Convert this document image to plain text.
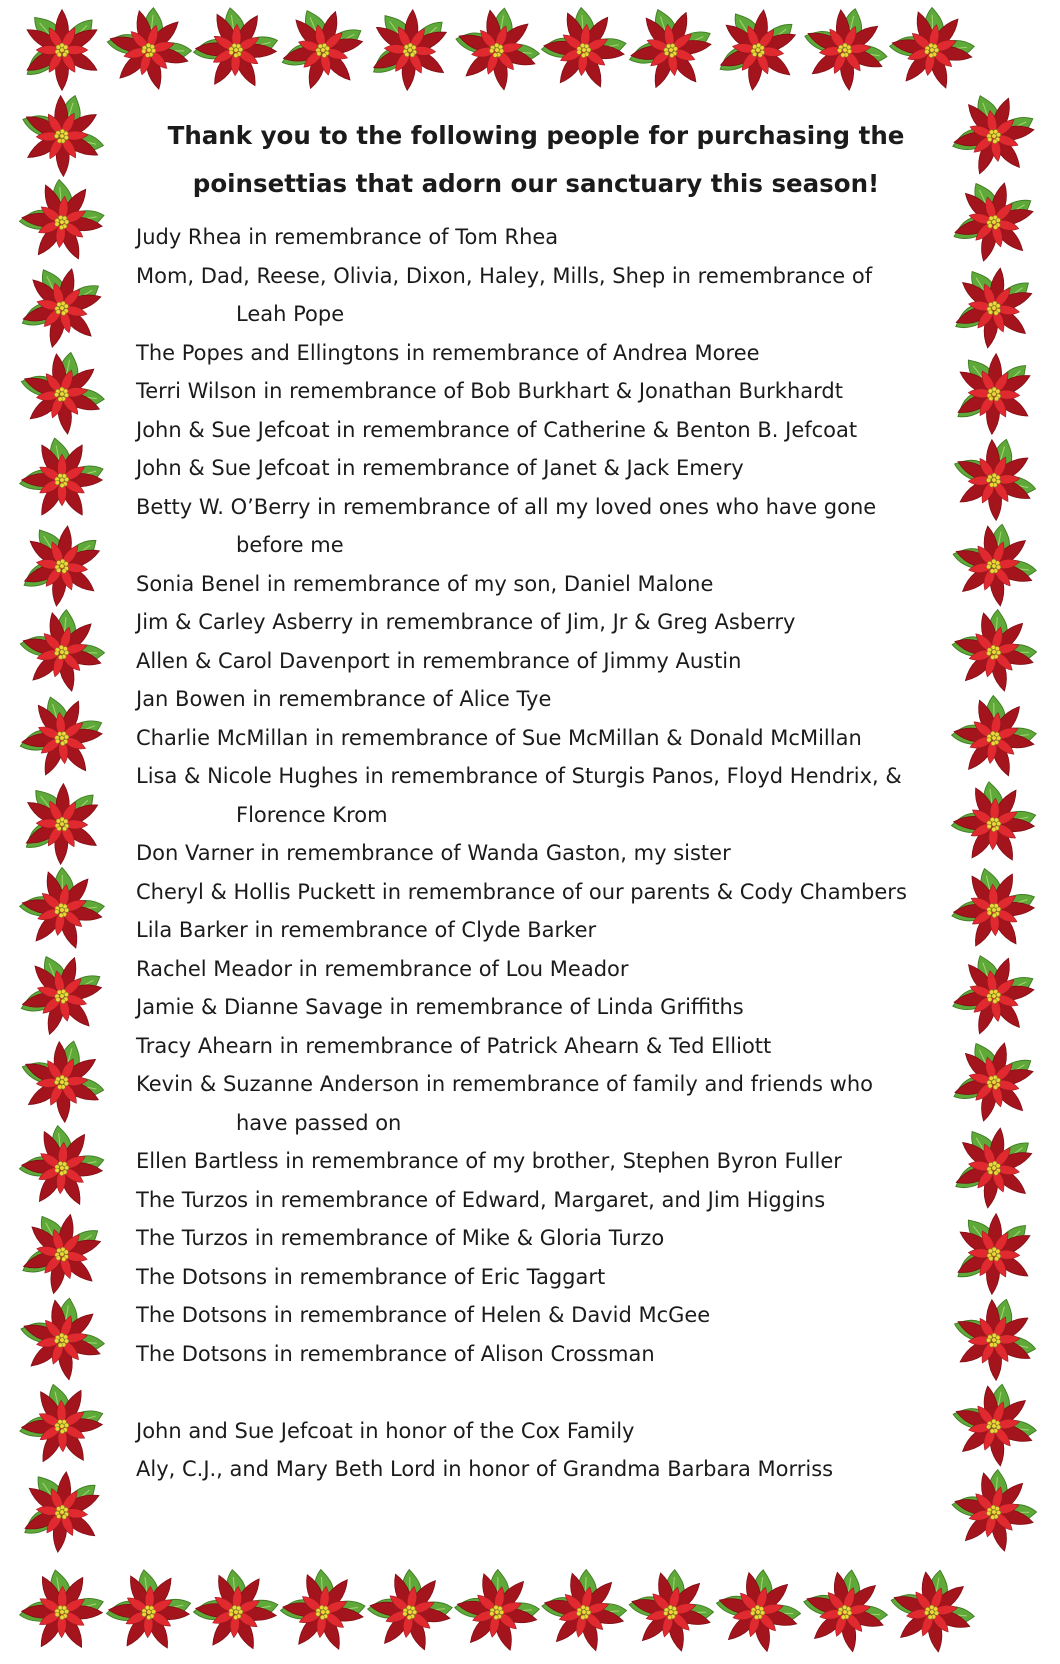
Thank you to the following people for purchasing the
poinsettias that adorn our sanctuary this season!
Judy Rhea in remembrance of Tom Rhea
Mom, Dad, Reese, Olivia, Dixon, Haley, Mills, Shep in remembrance of
Leah Pope
The Popes and Ellingtons in remembrance of Andrea Moree
Terri Wilson in remembrance of Bob Burkhart & Jonathan Burkhardt
John & Sue Jefcoat in remembrance of Catherine & Benton B. Jefcoat
John & Sue Jefcoat in remembrance of Janet & Jack Emery
Betty W. O’Berry in remembrance of all my loved ones who have gone
before me
Sonia Benel in remembrance of my son, Daniel Malone
Jim & Carley Asberry in remembrance of Jim, Jr & Greg Asberry
Allen & Carol Davenport in remembrance of Jimmy Austin
Jan Bowen in remembrance of Alice Tye
Charlie McMillan in remembrance of Sue McMillan & Donald McMillan
Lisa & Nicole Hughes in remembrance of Sturgis Panos, Floyd Hendrix, &
Florence Krom
Don Varner in remembrance of Wanda Gaston, my sister
Cheryl & Hollis Puckett in remembrance of our parents & Cody Chambers
Lila Barker in remembrance of Clyde Barker
Rachel Meador in remembrance of Lou Meador
Jamie & Dianne Savage in remembrance of Linda Griffiths
Tracy Ahearn in remembrance of Patrick Ahearn & Ted Elliott
Kevin & Suzanne Anderson in remembrance of family and friends who
have passed on
Ellen Bartless in remembrance of my brother, Stephen Byron Fuller
The Turzos in remembrance of Edward, Margaret, and Jim Higgins
The Turzos in remembrance of Mike & Gloria Turzo
The Dotsons in remembrance of Eric Taggart
The Dotsons in remembrance of Helen & David McGee
The Dotsons in remembrance of Alison Crossman
John and Sue Jefcoat in honor of the Cox Family
Aly, C.J., and Mary Beth Lord in honor of Grandma Barbara Morriss
